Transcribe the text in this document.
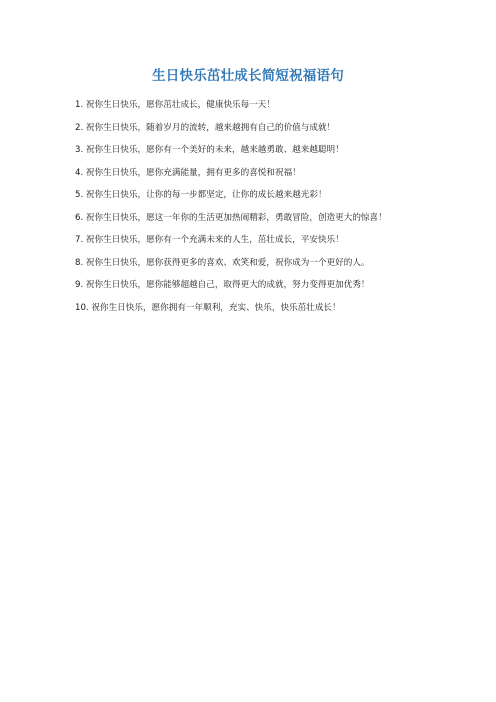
生日快乐茁壮成长简短祝福语句
1. 祝你生日快乐，愿你茁壮成长，健康快乐每一天！
2. 祝你生日快乐，随着岁月的流转，越来越拥有自己的价值与成就！
3. 祝你生日快乐，愿你有一个美好的未来，越来越勇敢、越来越聪明！
4. 祝你生日快乐，愿你充满能量，拥有更多的喜悦和祝福！
5. 祝你生日快乐，让你的每一步都坚定，让你的成长越来越光彩！
6. 祝你生日快乐，愿这一年你的生活更加热闹精彩，勇敢冒险，创造更大的惊喜！
7. 祝你生日快乐，愿你有一个充满未来的人生，茁壮成长，平安快乐！
8. 祝你生日快乐，愿你获得更多的喜欢、欢笑和爱，祝你成为一个更好的人。
9. 祝你生日快乐，愿你能够超越自己，取得更大的成就，努力变得更加优秀！
10. 祝你生日快乐，愿你拥有一年顺利，充实、快乐，快乐茁壮成长！
